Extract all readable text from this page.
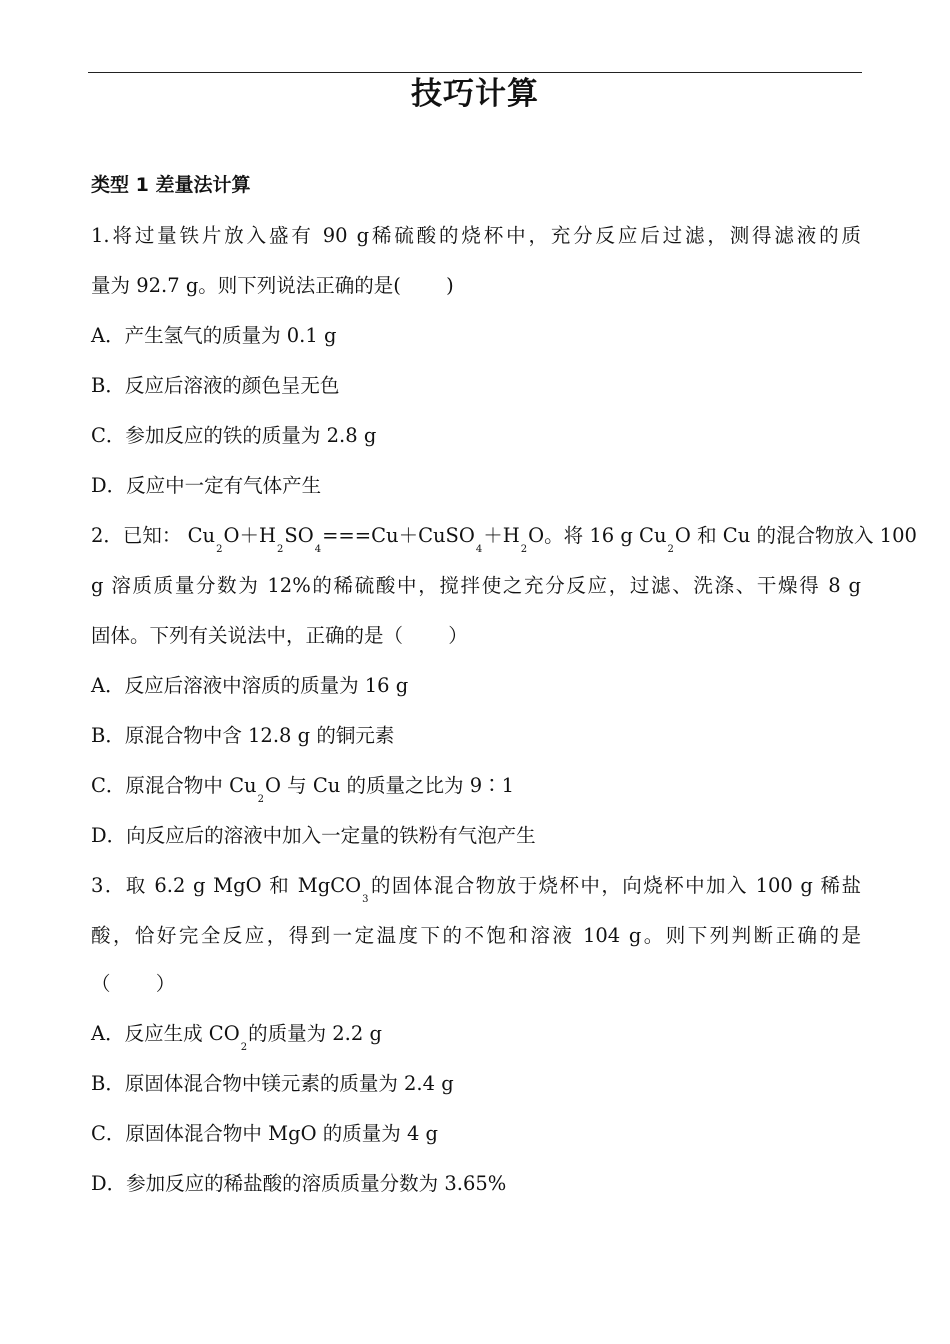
技巧计算
类型 1 差量法计算
1.将过量铁片放入盛有 90 g稀硫酸的烧杯中，充分反应后过滤，测得滤液的质
量为 92.7 g。则下列说法正确的是(　　 )
A．产生氢气的质量为 0.1 g
B．反应后溶液的颜色呈无色
C．参加反应的铁的质量为 2.8 g
D．反应中一定有气体产生
2．已知： $Cu_2O+H_2SO_4===Cu+CuSO_4+H_2O$。将 16 g $Cu_2O$ 和 Cu 的混合物放入 100
g 溶质质量分数为 12%的稀硫酸中，搅拌使之充分反应，过滤、洗涤、干燥得 8 g
固体。下列有关说法中，正确的是（　　 ）
A．反应后溶液中溶质的质量为 16 g
B．原混合物中含 12.8 g 的铜元素
C．原混合物中 $Cu_2O$ 与 Cu 的质量之比为 9∶1
D．向反应后的溶液中加入一定量的铁粉有气泡产生
3．取 6.2 g MgO 和 MgCO$_3$的固体混合物放于烧杯中，向烧杯中加入 100 g 稀盐
酸，恰好完全反应，得到一定温度下的不饱和溶液 104 g。则下列判断正确的是
（　　 ）
A．反应生成 $CO_2$的质量为 2.2 g
B．原固体混合物中镁元素的质量为 2.4 g
C．原固体混合物中 MgO 的质量为 4 g
D．参加反应的稀盐酸的溶质质量分数为 3.65%
